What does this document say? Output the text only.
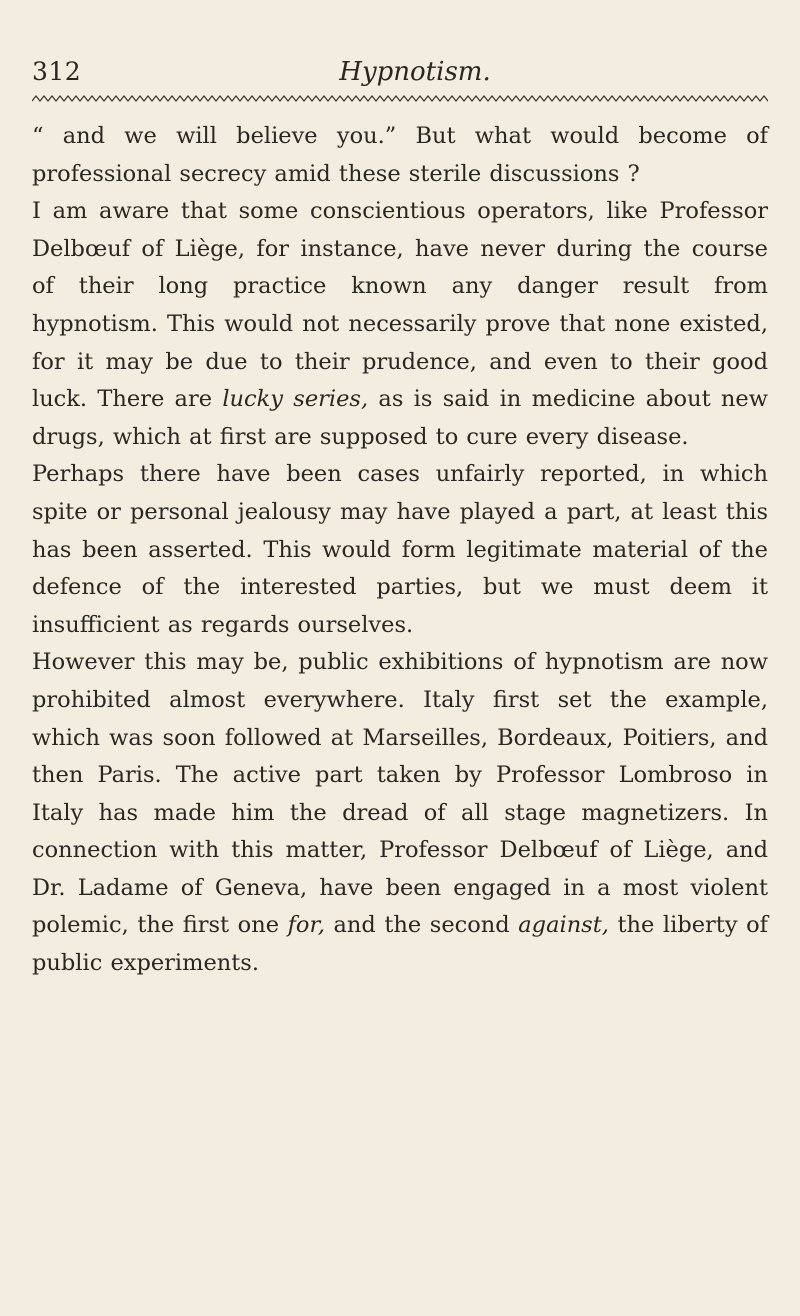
312	Hypnotism.

“ and we will believe you.” But what would become of professional secrecy amid these sterile discussions ?

I am aware that some conscientious operators, like Professor Delbœuf of Liège, for instance, have never during the course of their long practice known any danger result from hypnotism. This would not necessarily prove that none existed, for it may be due to their prudence, and even to their good luck. There are lucky series, as is said in medicine about new drugs, which at first are supposed to cure every disease.

Perhaps there have been cases unfairly reported, in which spite or personal jealousy may have played a part, at least this has been asserted. This would form legitimate material of the defence of the interested parties, but we must deem it insufficient as regards ourselves.

However this may be, public exhibitions of hypnotism are now prohibited almost everywhere. Italy first set the example, which was soon followed at Marseilles, Bordeaux, Poitiers, and then Paris. The active part taken by Professor Lombroso in Italy has made him the dread of all stage magnetizers. In connection with this matter, Professor Delbœuf of Liège, and Dr. Ladame of Geneva, have been engaged in a most violent polemic, the first one for, and the second against, the liberty of public experiments.
